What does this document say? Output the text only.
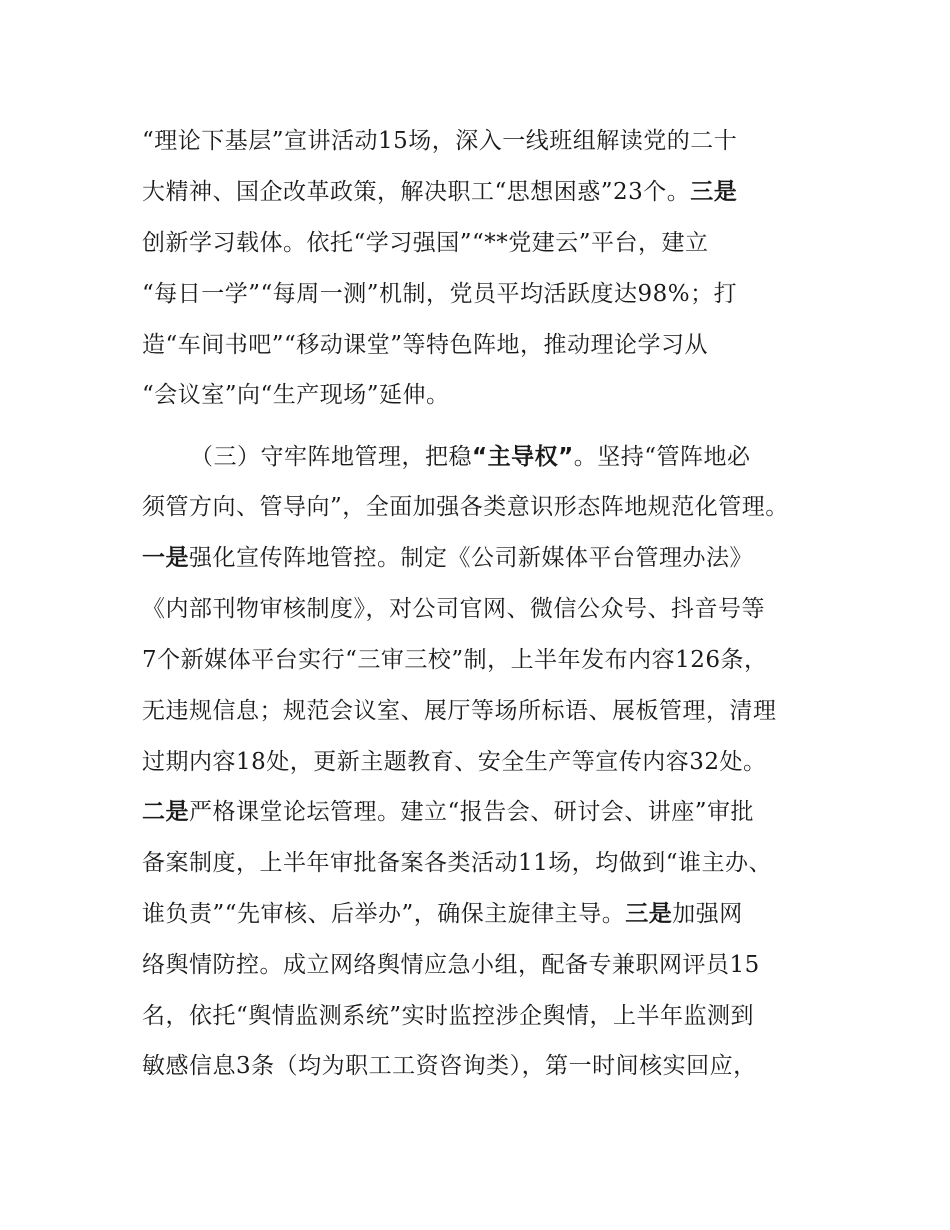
“理论下基层”宣讲活动15场，深入一线班组解读党的二十
大精神、国企改革政策，解决职工“思想困惑”23个。三是
创新学习载体。依托“学习强国”“**党建云”平台，建立
“每日一学”“每周一测”机制，党员平均活跃度达98%；打
造“车间书吧”“移动课堂”等特色阵地，推动理论学习从
“会议室”向“生产现场”延伸。
（三）守牢阵地管理，把稳“主导权”。坚持“管阵地必
须管方向、管导向”，全面加强各类意识形态阵地规范化管理。
一是强化宣传阵地管控。制定《公司新媒体平台管理办法》
《内部刊物审核制度》，对公司官网、微信公众号、抖音号等
7个新媒体平台实行“三审三校”制，上半年发布内容126条，
无违规信息；规范会议室、展厅等场所标语、展板管理，清理
过期内容18处，更新主题教育、安全生产等宣传内容32处。
二是严格课堂论坛管理。建立“报告会、研讨会、讲座”审批
备案制度，上半年审批备案各类活动11场，均做到“谁主办、
谁负责”“先审核、后举办”，确保主旋律主导。三是加强网
络舆情防控。成立网络舆情应急小组，配备专兼职网评员15
名，依托“舆情监测系统”实时监控涉企舆情，上半年监测到
敏感信息3条（均为职工工资咨询类），第一时间核实回应，
